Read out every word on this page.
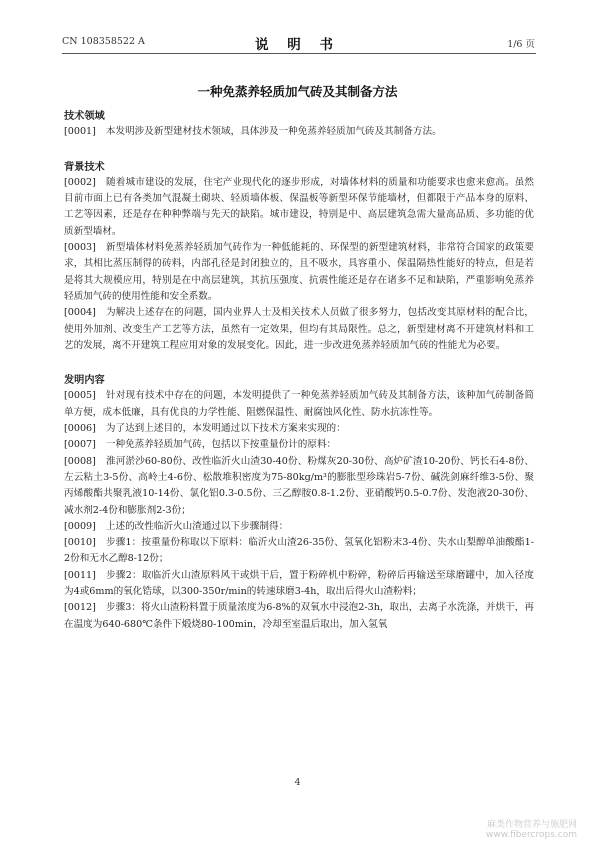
CN 108358522 A	说 明 书	1/6 页
一种免蒸养轻质加气砖及其制备方法
技术领域
[0001] 本发明涉及新型建材技术领域，具体涉及一种免蒸养轻质加气砖及其制备方法。
背景技术
[0002] 随着城市建设的发展，住宅产业现代化的逐步形成，对墙体材料的质量和功能要求也愈来愈高。虽然目前市面上已有各类加气混凝土砌块、轻质墙体板、保温板等新型环保节能墙材，但都限于产品本身的原料、工艺等因素，还是存在种种弊端与先天的缺陷。城市建设，特别是中、高层建筑急需大量高品质、多功能的优质新型墙材。
[0003] 新型墙体材料免蒸养轻质加气砖作为一种低能耗的、环保型的新型建筑材料，非常符合国家的政策要求，其相比蒸压制得的砖料，内部孔径是封闭独立的，且不吸水，具容重小、保温隔热性能好的特点，但是若是将其大规模应用，特别是在中高层建筑，其抗压强度、抗震性能还是存在诸多不足和缺陷，严重影响免蒸养轻质加气砖的使用性能和安全系数。
[0004] 为解决上述存在的问题，国内业界人士及相关技术人员做了很多努力，包括改变其原材料的配合比，使用外加剂、改变生产工艺等方法，虽然有一定效果，但均有其局限性。总之，新型建材离不开建筑材料和工艺的发展，离不开建筑工程应用对象的发展变化。因此，进一步改进免蒸养轻质加气砖的性能尤为必要。
发明内容
[0005] 针对现有技术中存在的问题，本发明提供了一种免蒸养轻质加气砖及其制备方法，该种加气砖制备简单方便，成本低廉，具有优良的力学性能、阻燃保温性、耐腐蚀风化性、防水抗冻性等。
[0006] 为了达到上述目的，本发明通过以下技术方案来实现的：
[0007] 一种免蒸养轻质加气砖，包括以下按重量份计的原料：
[0008] 淮河淤沙60-80份、改性临沂火山渣30-40份、粉煤灰20-30份、高炉矿渣10-20份、钙长石4-8份、左云粘土3-5份、高岭土4-6份、松散堆积密度为75-80kg/m³的膨胀型珍珠岩5-7份、碱洗剑麻纤维3-5份、聚丙烯酸酯共聚乳液10-14份、氯化铝0.3-0.5份、三乙醇胺0.8-1.2份、亚硝酸钙0.5-0.7份、发泡液20-30份、减水剂2-4份和膨胀剂2-3份；
[0009] 上述的改性临沂火山渣通过以下步骤制得：
[0010] 步骤1：按重量份称取以下原料：临沂火山渣26-35份、氢氧化铝粉末3-4份、失水山梨醇单油酸酯1-2份和无水乙醇8-12份；
[0011] 步骤2：取临沂火山渣原料风干或烘干后，置于粉碎机中粉碎，粉碎后再输送至球磨罐中，加入径度为4或6mm的氧化锆球，以300-350r/min的转速球磨3-4h，取出后得火山渣粉料；
[0012] 步骤3：将火山渣粉料置于质量浓度为6-8%的双氧水中浸泡2-3h，取出，去离子水洗涤，并烘干，再在温度为640-680℃条件下煅烧80-100min，冷却至室温后取出，加入氢氧
4
麻类作物营养与施肥网
www.fibercrops.com
